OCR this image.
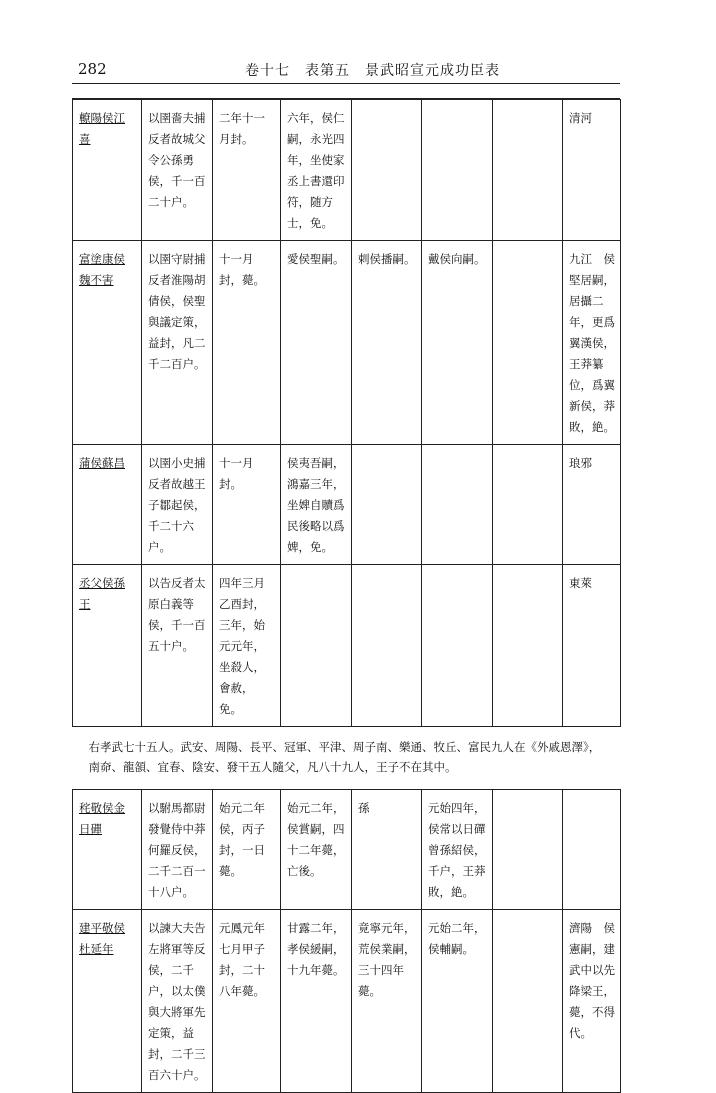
282	卷十七　表第五　景武昭宣元成功臣表
轑陽侯江喜	以圉嗇夫捕反者故城父令公孫勇侯，千一百二十户。	二年十一月封。	六年，侯仁嗣，永光四年，坐使家丞上書還印符，随方士，免。				清河
富塗康侯魏不害	以圉守尉捕反者淮陽胡倩侯，侯聖與議定策，益封，凡二千二百户。	十一月封，薨。	愛侯聖嗣。	剌侯播嗣。	戴侯向嗣。		九江　侯堅居嗣，居攝二年，更爲翼漢侯，王莽纂位，爲翼新侯，莽敗，絶。
蒲侯蘇昌	以圉小史捕反者故越王子鄒起侯，千二十六户。	十一月封。	侯夷吾嗣，鴻嘉三年，坐婢自贖爲民後略以爲婢，免。				琅邪
丞父侯孫王	以告反者太原白義等侯，千一百五十户。	四年三月乙酉封，三年，始元元年，坐殺人，會赦，免。					東萊
右孝武七十五人。武安、周陽、長平、冠軍、平津、周子南、樂通、牧丘、富民九人在《外戚恩澤》，南奅、龍頟、宜春、陰安、發干五人隨父，凡八十九人，王子不在其中。							
秺敬侯金日磾	以駙馬都尉發覺侍中莽何羅反侯，二千二百一十八户。	始元二年侯，丙子封，一日薨。	始元二年，侯賞嗣，四十二年薨，亡後。	孫	元始四年，侯常以日磾曾孫紹侯，千户，王莽敗，絶。		
建平敬侯杜延年	以諫大夫告左將軍等反侯，二千户，以太僕與大將軍先定策，益封，二千三百六十户。	元鳳元年七月甲子封，二十八年薨。	甘露二年，孝侯緩嗣，十九年薨。	竟寧元年，荒侯業嗣，三十四年薨。	元始二年，侯輔嗣。		濟陽　侯憲嗣，建武中以先降梁王，薨，不得代。
